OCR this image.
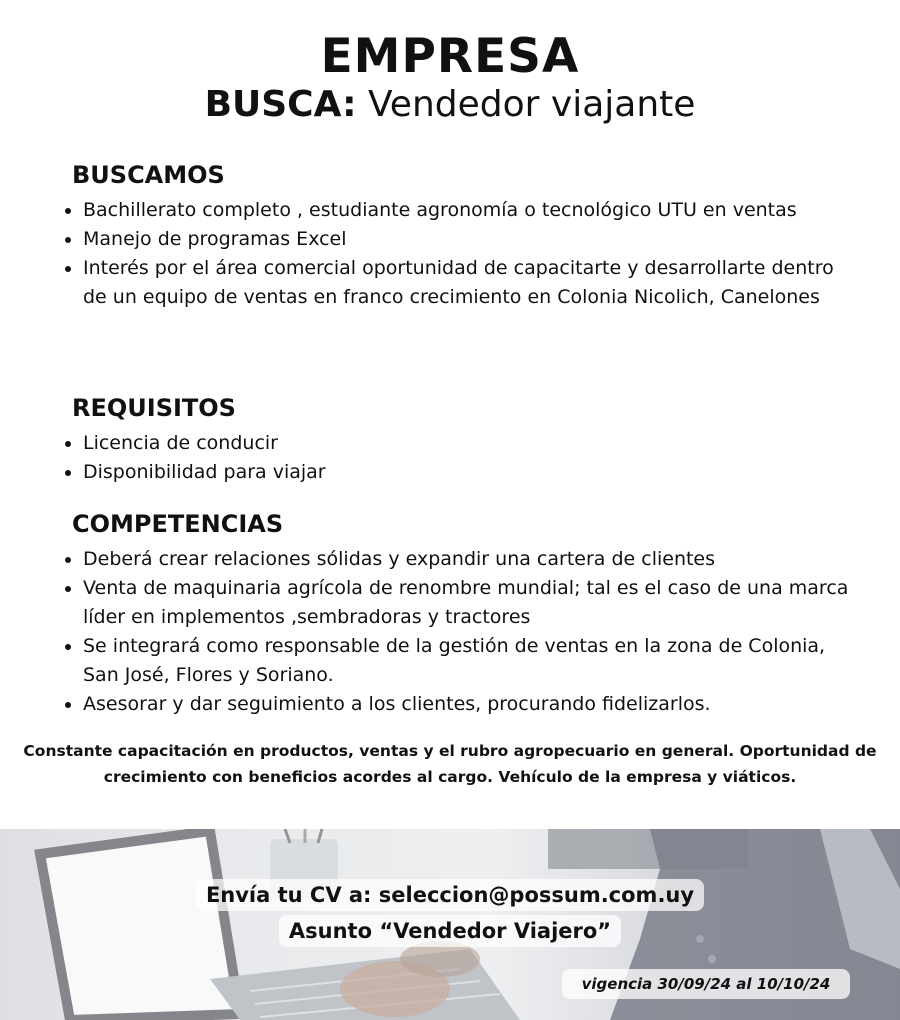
EMPRESA
BUSCA: Vendedor viajante
BUSCAMOS
Bachillerato completo , estudiante agronomía o tecnológico UTU en ventas
Manejo de programas Excel
Interés por el área comercial oportunidad de capacitarte y desarrollarte dentro de un equipo de ventas en franco crecimiento en Colonia Nicolich, Canelones
REQUISITOS
Licencia de conducir
Disponibilidad para viajar
COMPETENCIAS
Deberá crear relaciones sólidas y expandir una cartera de clientes
Venta de maquinaria agrícola de renombre mundial; tal es el caso de una marca líder en implementos ,sembradoras y tractores
Se integrará como responsable de la gestión de ventas en la zona de Colonia, San José, Flores y Soriano.
Asesorar y dar seguimiento a los clientes, procurando fidelizarlos.
Constante capacitación en productos, ventas y el rubro agropecuario en general. Oportunidad de crecimiento con beneficios acordes al cargo. Vehículo de la empresa y viáticos.
Envía tu CV a: seleccion@possum.com.uy
Asunto “Vendedor Viajero”
vigencia 30/09/24 al 10/10/24
